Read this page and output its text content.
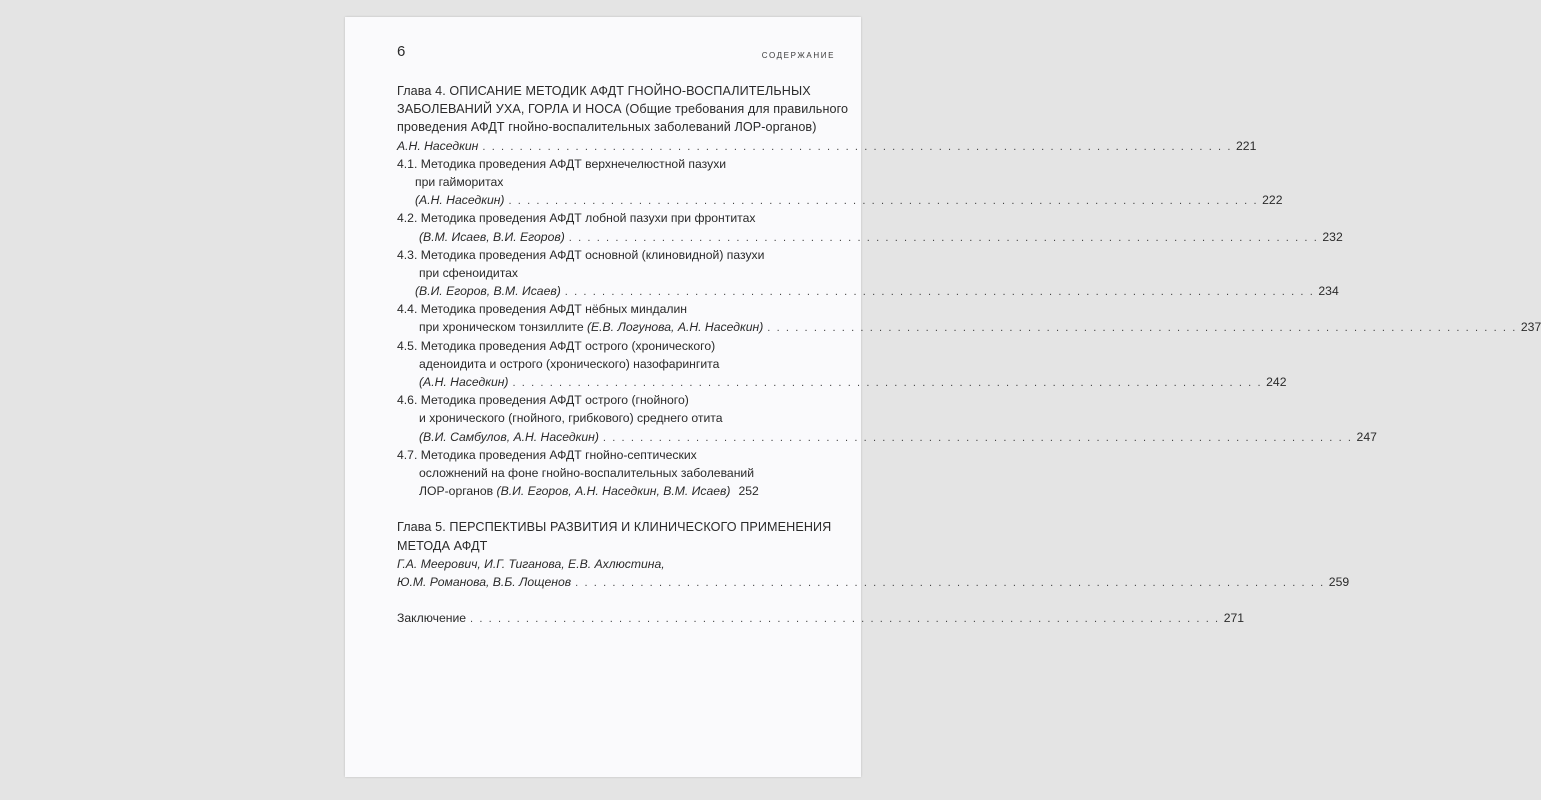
6	СОДЕРЖАНИЕ
Глава 4. ОПИСАНИЕ МЕТОДИК АФДТ ГНОЙНО-ВОСПАЛИТЕЛЬНЫХ
ЗАБОЛЕВАНИЙ УХА, ГОРЛА И НОСА (Общие требования для правильного
проведения АФДТ гнойно-воспалительных заболеваний ЛОР-органов)
А.Н. Наседкин . . . . . . . . . . . . . . . . . . . . . . . . . . . . . . . . . . . . . . . . . . . . . . . . . . . . . . . . . . . . . . . . . . . . . . . . . . . . . . . . . 221
4.1. Методика проведения АФДТ верхнечелюстной пазухи
при гайморитах
(А.Н. Наседкин) . . . . . . . . . . . . . . . . . . . . . . . . . . . . . . . . . . . . . . . . . . . . . . . . . . . . . . . . . . . . . . . . . . . . . . . . . . . . . . . . . 222
4.2. Методика проведения АФДТ лобной пазухи при фронтитах
(В.М. Исаев, В.И. Егоров) . . . . . . . . . . . . . . . . . . . . . . . . . . . . . . . . . . . . . . . . . . . . . . . . . . . . . . . . . . . . . . . . . . . . . . . . . . . . . . . . . 232
4.3. Методика проведения АФДТ основной (клиновидной) пазухи
при сфеноидитах
(В.И. Егоров, В.М. Исаев) . . . . . . . . . . . . . . . . . . . . . . . . . . . . . . . . . . . . . . . . . . . . . . . . . . . . . . . . . . . . . . . . . . . . . . . . . . . . . . . . . 234
4.4. Методика проведения АФДТ нёбных миндалин
при хроническом тонзиллите (Е.В. Логунова, А.Н. Наседкин) . . . . . . . . . . . . . . . . . . . . . . . . . . . . . . . . . . . . . . . . . . . . . . . . . . . . . . . . . . . . . . . . . . . . . . . . . . . . . . . . . 237
4.5. Методика проведения АФДТ острого (хронического)
аденоидита и острого (хронического) назофарингита
(А.Н. Наседкин) . . . . . . . . . . . . . . . . . . . . . . . . . . . . . . . . . . . . . . . . . . . . . . . . . . . . . . . . . . . . . . . . . . . . . . . . . . . . . . . . . 242
4.6. Методика проведения АФДТ острого (гнойного)
и хронического (гнойного, грибкового) среднего отита
(В.И. Самбулов, А.Н. Наседкин) . . . . . . . . . . . . . . . . . . . . . . . . . . . . . . . . . . . . . . . . . . . . . . . . . . . . . . . . . . . . . . . . . . . . . . . . . . . . . . . . . 247
4.7. Методика проведения АФДТ гнойно-септических
осложнений на фоне гнойно-воспалительных заболеваний
ЛОР-органов (В.И. Егоров, А.Н. Наседкин, В.М. Исаев) 252
Глава 5. ПЕРСПЕКТИВЫ РАЗВИТИЯ И КЛИНИЧЕСКОГО ПРИМЕНЕНИЯ
МЕТОДА АФДТ
Г.А. Меерович, И.Г. Тиганова, Е.В. Ахлюстина,
Ю.М. Романова, В.Б. Лощенов . . . . . . . . . . . . . . . . . . . . . . . . . . . . . . . . . . . . . . . . . . . . . . . . . . . . . . . . . . . . . . . . . . . . . . . . . . . . . . . . . 259
Заключение . . . . . . . . . . . . . . . . . . . . . . . . . . . . . . . . . . . . . . . . . . . . . . . . . . . . . . . . . . . . . . . . . . . . . . . . . . . . . . . . . 271
